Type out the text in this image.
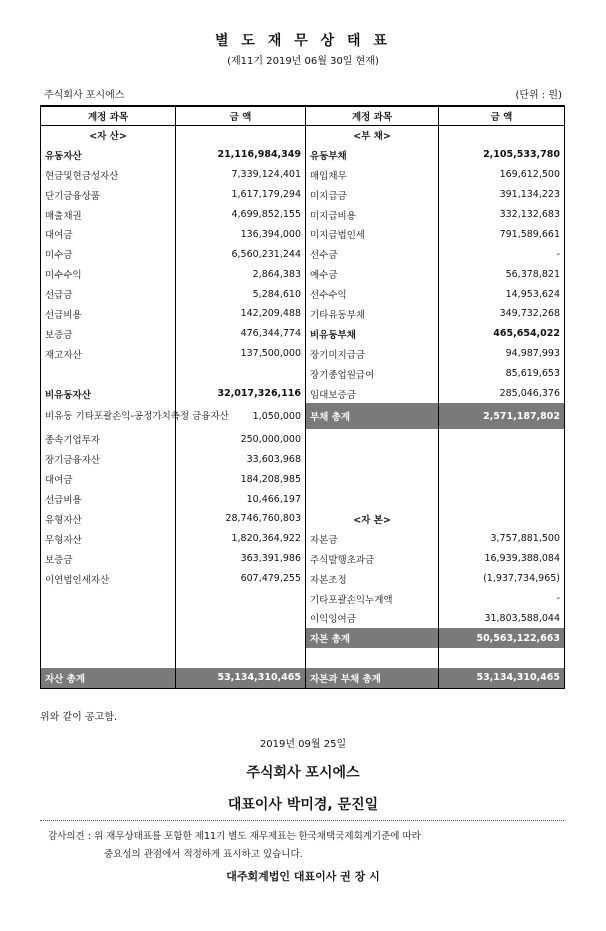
별 도 재 무 상 태 표
(제11기 2019년 06월 30일 현재)
주식회사 포시에스	(단위 : 원)
계정 과목	금 액	계정 과목	금 액
<자 산>		<부 채>	
유동자산	21,116,984,349	유동부채	2,105,533,780
현금및현금성자산	7,339,124,401	매입채무	169,612,500
단기금융상품	1,617,179,294	미지급금	391,134,223
매출채권	4,699,852,155	미지급비용	332,132,683
대여금	136,394,000	미지급법인세	791,589,661
미수금	6,560,231,244	선수금	-
미수수익	2,864,383	예수금	56,378,821
선급금	5,284,610	선수수익	14,953,624
선급비용	142,209,488	기타유동부채	349,732,268
보증금	476,344,774	비유동부채	465,654,022
재고자산	137,500,000	장기미지급금	94,987,993
		장기종업원급여	85,619,653
비유동자산	32,017,326,116	임대보증금	285,046,376
비유동 기타포괄손익-공정가치측정 금융자산	1,050,000	부채 총계	2,571,187,802
종속기업투자	250,000,000		
장기금융자산	33,603,968		
대여금	184,208,985		
선급비용	10,466,197		
유형자산	28,746,760,803	<자 본>	
무형자산	1,820,364,922	자본금	3,757,881,500
보증금	363,391,986	주식발행초과금	16,939,388,084
이연법인세자산	607,479,255	자본조정	(1,937,734,965)
		기타포괄손익누계액	-
		이익잉여금	31,803,588,044
		자본 총계	50,563,122,663

자산 총계	53,134,310,465	자본과 부채 총계	53,134,310,465
위와 같이 공고함.
2019년 09월 25일
주식회사 포시에스
대표이사 박미경, 문진일
감사의견 : 위 재무상태표를 포함한 제11기 별도 재무제표는 한국채택국제회계기준에 따라
중요성의 관점에서 적정하게 표시하고 있습니다.
대주회계법인 대표이사 권 장 시
